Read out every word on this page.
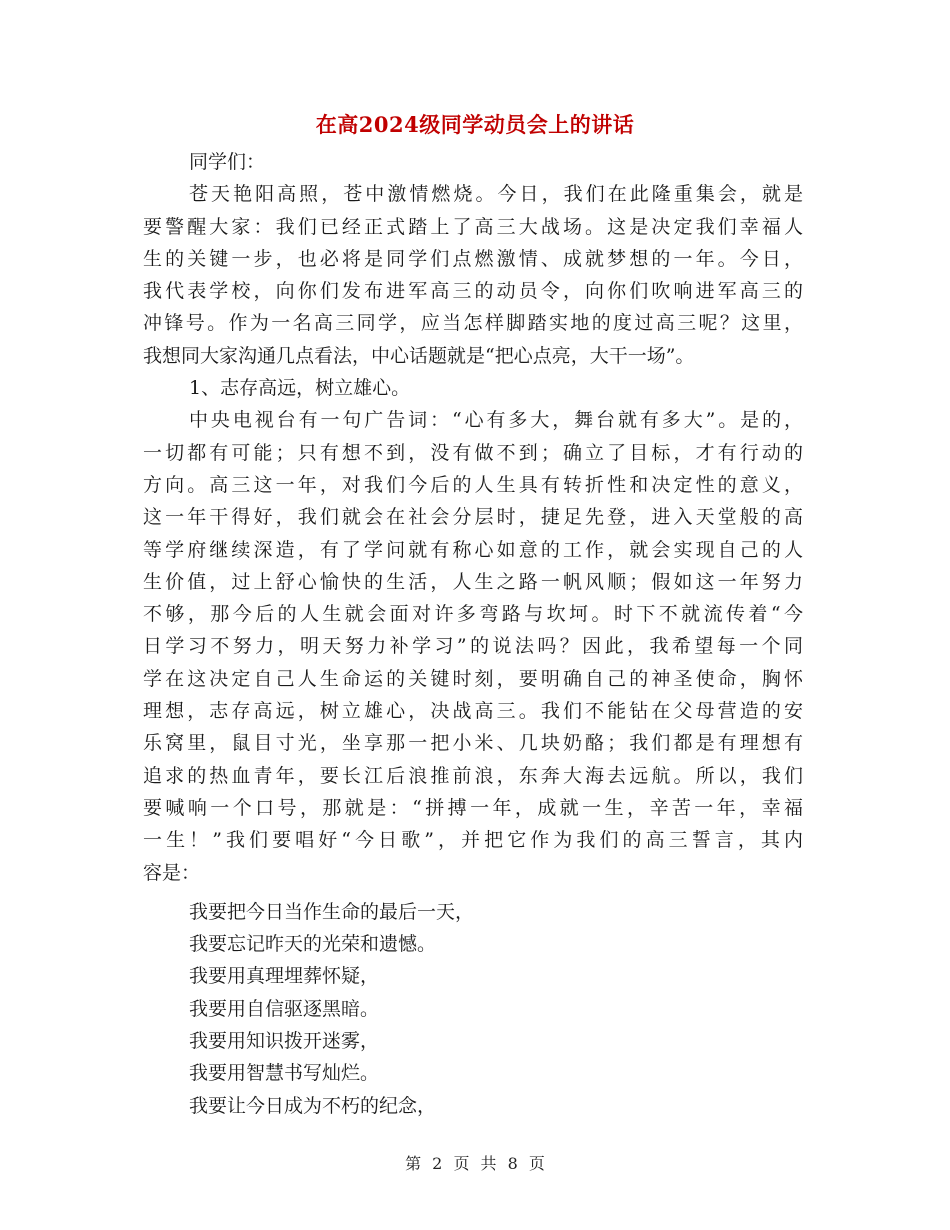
在高2024级同学动员会上的讲话
同学们：
苍天艳阳高照，苍中激情燃烧。今日，我们在此隆重集会，就是
要警醒大家：我们已经正式踏上了高三大战场。这是决定我们幸福人
生的关键一步，也必将是同学们点燃激情、成就梦想的一年。今日，
我代表学校，向你们发布进军高三的动员令，向你们吹响进军高三的
冲锋号。作为一名高三同学，应当怎样脚踏实地的度过高三呢？这里，
我想同大家沟通几点看法，中心话题就是“把心点亮，大干一场”。
1、志存高远，树立雄心。
中央电视台有一句广告词：“心有多大，舞台就有多大”。是的，
一切都有可能；只有想不到，没有做不到；确立了目标，才有行动的
方向。高三这一年，对我们今后的人生具有转折性和决定性的意义，
这一年干得好，我们就会在社会分层时，捷足先登，进入天堂般的高
等学府继续深造，有了学问就有称心如意的工作，就会实现自己的人
生价值，过上舒心愉快的生活，人生之路一帆风顺；假如这一年努力
不够，那今后的人生就会面对许多弯路与坎坷。时下不就流传着“今
日学习不努力，明天努力补学习”的说法吗？因此，我希望每一个同
学在这决定自己人生命运的关键时刻，要明确自己的神圣使命，胸怀
理想，志存高远，树立雄心，决战高三。我们不能钻在父母营造的安
乐窝里，鼠目寸光，坐享那一把小米、几块奶酪；我们都是有理想有
追求的热血青年，要长江后浪推前浪，东奔大海去远航。所以，我们
要喊响一个口号，那就是：“拼搏一年，成就一生，辛苦一年，幸福
一生！”我们要唱好“今日歌”，并把它作为我们的高三誓言，其内
容是：
我要把今日当作生命的最后一天，
我要忘记昨天的光荣和遗憾。
我要用真理埋葬怀疑，
我要用自信驱逐黑暗。
我要用知识拨开迷雾，
我要用智慧书写灿烂。
我要让今日成为不朽的纪念，
第 2 页 共 8 页
